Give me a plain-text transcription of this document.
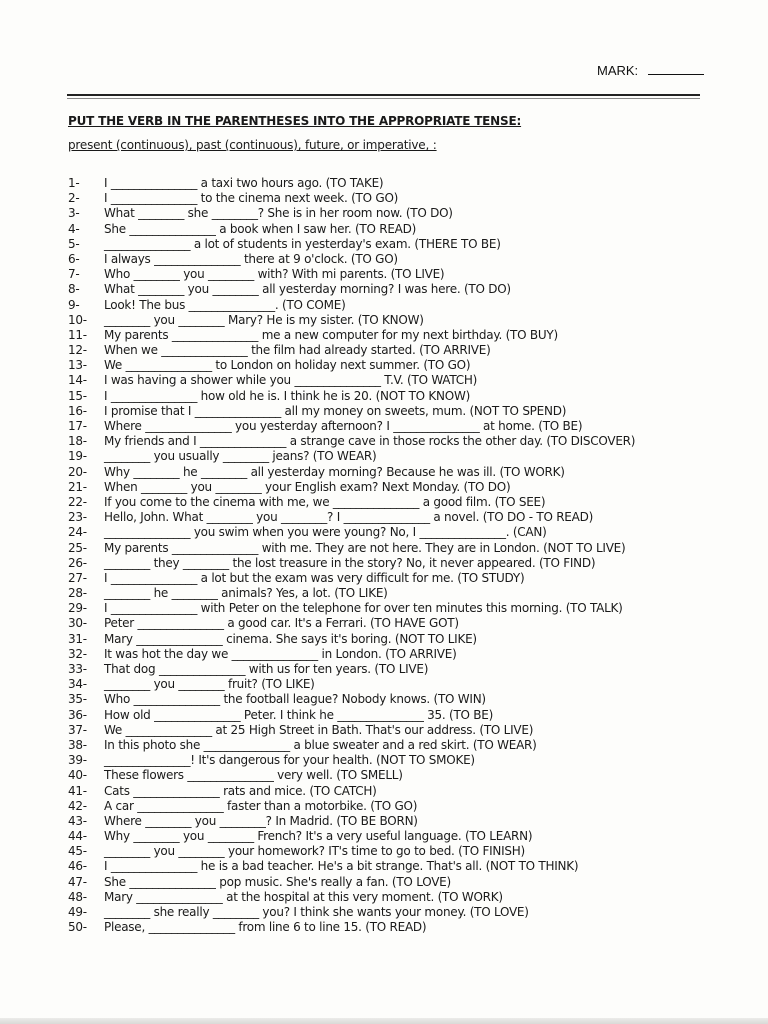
MARK:
PUT THE VERB IN THE PARENTHESES INTO THE APPROPRIATE TENSE:
present (continuous), past (continuous), future, or imperative, :
1- I _______________ a taxi two hours ago. (TO TAKE)
2- I _______________ to the cinema next week. (TO GO)
3- What ________ she ________? She is in her room now. (TO DO)
4- She _______________ a book when I saw her. (TO READ)
5- _______________ a lot of students in yesterday's exam. (THERE TO BE)
6- I always _______________ there at 9 o'clock. (TO GO)
7- Who ________ you ________ with? With mi parents. (TO LIVE)
8- What ________ you ________ all yesterday morning? I was here. (TO DO)
9- Look! The bus _______________. (TO COME)
10- ________ you ________ Mary? He is my sister. (TO KNOW)
11- My parents _______________ me a new computer for my next birthday. (TO BUY)
12- When we _______________ the film had already started. (TO ARRIVE)
13- We _______________ to London on holiday next summer. (TO GO)
14- I was having a shower while you _______________ T.V. (TO WATCH)
15- I _______________ how old he is. I think he is 20. (NOT TO KNOW)
16- I promise that I _______________ all my money on sweets, mum. (NOT TO SPEND)
17- Where _______________ you yesterday afternoon? I _______________ at home. (TO BE)
18- My friends and I _______________ a strange cave in those rocks the other day. (TO DISCOVER)
19- ________ you usually ________ jeans? (TO WEAR)
20- Why ________ he ________ all yesterday morning? Because he was ill. (TO WORK)
21- When ________ you ________ your English exam? Next Monday. (TO DO)
22- If you come to the cinema with me, we _______________ a good film. (TO SEE)
23- Hello, John. What ________ you ________? I _______________ a novel. (TO DO - TO READ)
24- _______________ you swim when you were young? No, I _______________. (CAN)
25- My parents _______________ with me. They are not here. They are in London. (NOT TO LIVE)
26- ________ they ________ the lost treasure in the story? No, it never appeared. (TO FIND)
27- I _______________ a lot but the exam was very difficult for me. (TO STUDY)
28- ________ he ________ animals? Yes, a lot. (TO LIKE)
29- I _______________ with Peter on the telephone for over ten minutes this morning. (TO TALK)
30- Peter _______________ a good car. It's a Ferrari. (TO HAVE GOT)
31- Mary _______________ cinema. She says it's boring. (NOT TO LIKE)
32- It was hot the day we _______________ in London. (TO ARRIVE)
33- That dog _______________ with us for ten years. (TO LIVE)
34- ________ you ________ fruit? (TO LIKE)
35- Who _______________ the football league? Nobody knows. (TO WIN)
36- How old _______________ Peter. I think he _______________ 35. (TO BE)
37- We _______________ at 25 High Street in Bath. That's our address. (TO LIVE)
38- In this photo she _______________ a blue sweater and a red skirt. (TO WEAR)
39- _______________! It's dangerous for your health. (NOT TO SMOKE)
40- These flowers _______________ very well. (TO SMELL)
41- Cats _______________ rats and mice. (TO CATCH)
42- A car _______________ faster than a motorbike. (TO GO)
43- Where ________ you ________? In Madrid. (TO BE BORN)
44- Why ________ you ________ French? It's a very useful language. (TO LEARN)
45- ________ you ________ your homework? IT's time to go to bed. (TO FINISH)
46- I _______________ he is a bad teacher. He's a bit strange. That's all. (NOT TO THINK)
47- She _______________ pop music. She's really a fan. (TO LOVE)
48- Mary _______________ at the hospital at this very moment. (TO WORK)
49- ________ she really ________ you? I think she wants your money. (TO LOVE)
50- Please, _______________ from line 6 to line 15. (TO READ)
